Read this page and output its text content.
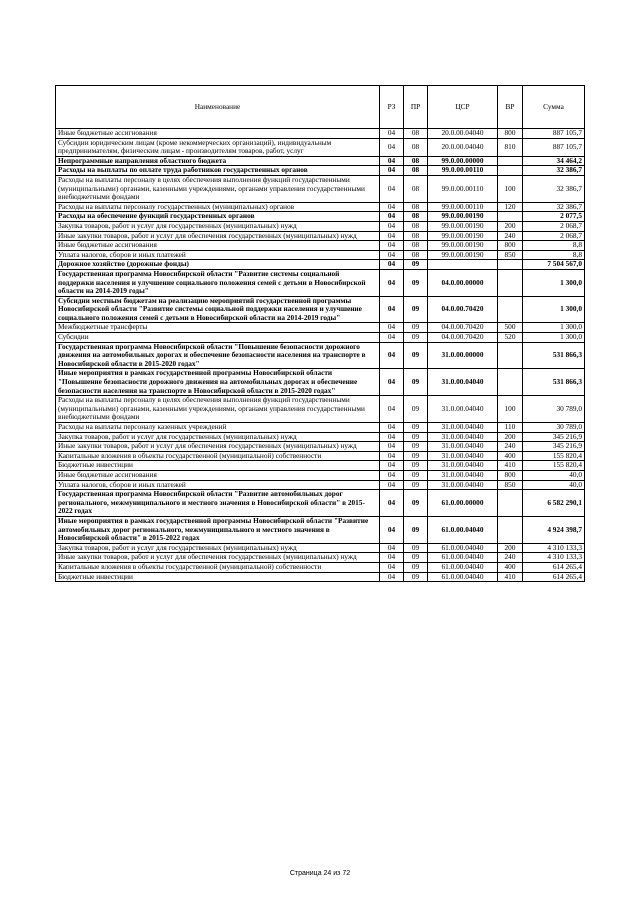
Наименование	РЗ	ПР	ЦСР	ВР	Сумма
Иные бюджетные ассигнования	04	08	20.0.00.04040	800	887 105,7
Субсидии юридическим лицам (кроме некоммерческих организаций), индивидуальным предпринимателям, физическим лицам - производителям товаров, работ, услуг	04	08	20.0.00.04040	810	887 105,7
Непрограммные направления областного бюджета	04	08	99.0.00.00000		34 464,2
Расходы на выплаты по оплате труда работников государственных органов	04	08	99.0.00.00110		32 386,7
Расходы на выплаты персоналу в целях обеспечения выполнения функций государственными (муниципальными) органами, казенными учреждениями, органами управления государственными внебюджетными фондами	04	08	99.0.00.00110	100	32 386,7
Расходы на выплаты персоналу государственных (муниципальных) органов	04	08	99.0.00.00110	120	32 386,7
Расходы на обеспечение функций государственных органов	04	08	99.0.00.00190		2 077,5
Закупка товаров, работ и услуг для государственных (муниципальных) нужд	04	08	99.0.00.00190	200	2 068,7
Иные закупки товаров, работ и услуг для обеспечения государственных (муниципальных) нужд	04	08	99.0.00.00190	240	2 068,7
Иные бюджетные ассигнования	04	08	99.0.00.00190	800	8,8
Уплата налогов, сборов и иных платежей	04	08	99.0.00.00190	850	8,8
Дорожное хозяйство (дорожные фонды)	04	09			7 504 567,0
Государственная программа Новосибирской области "Развитие системы социальной поддержки населения и улучшение социального положения семей с детьми в Новосибирской области на 2014-2019 годы"	04	09	04.0.00.00000		1 300,0
Субсидии местным бюджетам на реализацию мероприятий государственной программы Новосибирской области "Развитие системы социальной поддержки населения и улучшение социального положения семей с детьми в Новосибирской области на 2014-2019 годы"	04	09	04.0.00.70420		1 300,0
Межбюджетные трансферты	04	09	04.0.00.70420	500	1 300,0
Субсидии	04	09	04.0.00.70420	520	1 300,0
Государственная программа Новосибирской области "Повышение безопасности дорожного движения на автомобильных дорогах и обеспечение безопасности населения на транспорте в Новосибирской области в 2015-2020 годах"	04	09	31.0.00.00000		531 866,3
Иные мероприятия в рамках государственной программы Новосибирской области "Повышение безопасности дорожного движения на автомобильных дорогах и обеспечение безопасности населения на транспорте в Новосибирской области в 2015-2020 годах"	04	09	31.0.00.04040		531 866,3
Расходы на выплаты персоналу в целях обеспечения выполнения функций государственными (муниципальными) органами, казенными учреждениями, органами управления государственными внебюджетными фондами	04	09	31.0.00.04040	100	30 789,0
Расходы на выплаты персоналу казенных учреждений	04	09	31.0.00.04040	110	30 789,0
Закупка товаров, работ и услуг для государственных (муниципальных) нужд	04	09	31.0.00.04040	200	345 216,9
Иные закупки товаров, работ и услуг для обеспечения государственных (муниципальных) нужд	04	09	31.0.00.04040	240	345 216,9
Капитальные вложения в объекты государственной (муниципальной) собственности	04	09	31.0.00.04040	400	155 820,4
Бюджетные инвестиции	04	09	31.0.00.04040	410	155 820,4
Иные бюджетные ассигнования	04	09	31.0.00.04040	800	40,0
Уплата налогов, сборов и иных платежей	04	09	31.0.00.04040	850	40,0
Государственная программа Новосибирской области "Развитие автомобильных дорог регионального, межмуниципального и местного значения в Новосибирской области" в 2015-2022 годах	04	09	61.0.00.00000		6 582 290,1
Иные мероприятия в рамках государственной программы Новосибирской области "Развитие автомобильных дорог регионального, межмуниципального и местного значения в Новосибирской области" в 2015-2022 годах	04	09	61.0.00.04040		4 924 398,7
Закупка товаров, работ и услуг для государственных (муниципальных) нужд	04	09	61.0.00.04040	200	4 310 133,3
Иные закупки товаров, работ и услуг для обеспечения государственных (муниципальных) нужд	04	09	61.0.00.04040	240	4 310 133,3
Капитальные вложения в объекты государственной (муниципальной) собственности	04	09	61.0.00.04040	400	614 265,4
Бюджетные инвестиции	04	09	61.0.00.04040	410	614 265,4
Страница 24 из 72
